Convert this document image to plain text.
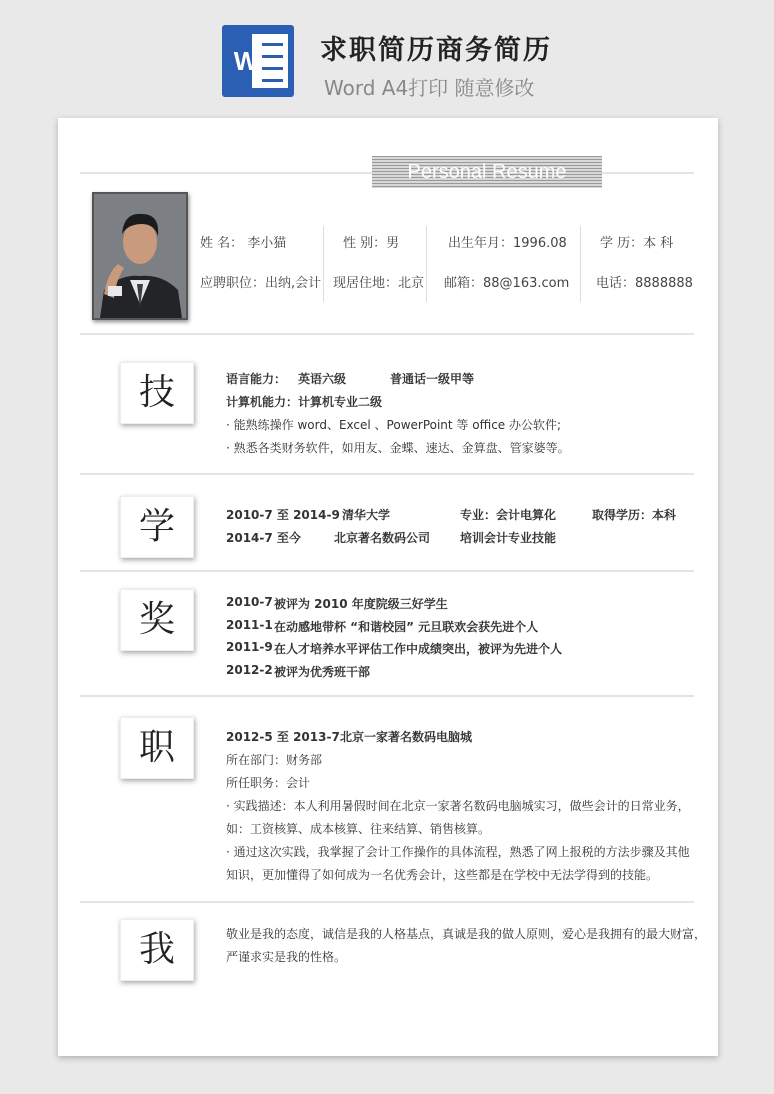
W 求职简历商务简历
Word A4打印 随意修改
Personal Resume
姓 名： 李小猫	性 别：男	出生年月：1996.08	学 历：本 科
应聘职位：出纳,会计 现居住地：北京 邮箱：88@163.com 电话：8888888
技	语言能力： 英语六级	普通话一级甲等
计算机能力： 计算机专业二级
· 能熟练操作 word、Excel 、PowerPoint 等 office 办公软件;
· 熟悉各类财务软件，如用友、金蝶、速达、金算盘、管家婆等。
学	2010-7 至 2014-9 清华大学	专业：会计电算化	取得学历：本科
2014-7 至今	北京著名数码公司 培训会计专业技能
奖	2010-7 被评为 2010 年度院级三好学生
2011-1 在动感地带杯 “和谐校园” 元旦联欢会获先进个人
2011-9 在人才培养水平评估工作中成绩突出，被评为先进个人
2012-2 被评为优秀班干部
职	2012-5 至 2013-7 北京一家著名数码电脑城
所在部门：财务部
所任职务：会计
· 实践描述：本人利用暑假时间在北京一家著名数码电脑城实习，做些会计的日常业务，
如：工资核算、成本核算、往来结算、销售核算。
· 通过这次实践，我掌握了会计工作操作的具体流程，熟悉了网上报税的方法步骤及其他
知识，更加懂得了如何成为一名优秀会计，这些都是在学校中无法学得到的技能。
我	敬业是我的态度，诚信是我的人格基点，真诚是我的做人原则，爱心是我拥有的最大财富，
严谨求实是我的性格。
